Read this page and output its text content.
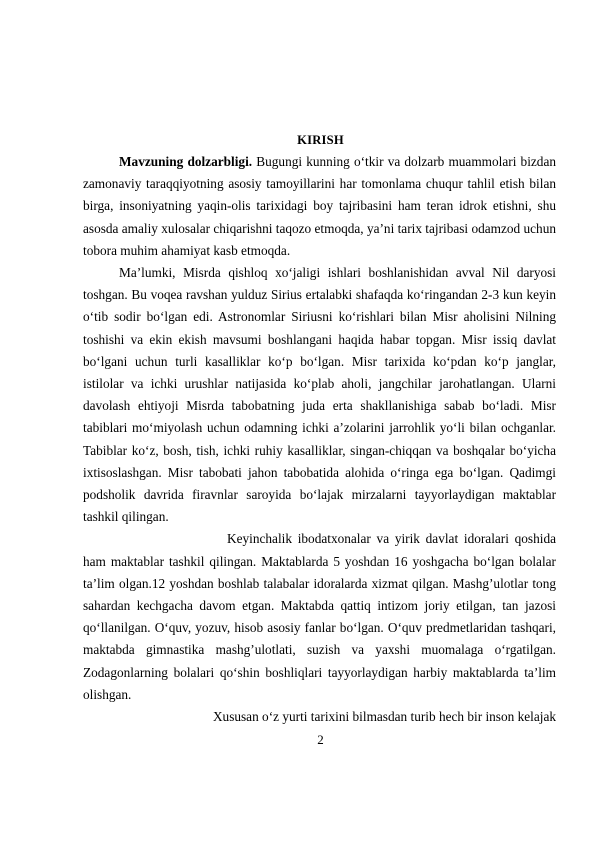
KIRISH

Mavzuning dolzarbligi. Bugungi kunning o‘tkir va dolzarb muammolari bizdan zamonaviy taraqqiyotning asosiy tamoyillarini har tomonlama chuqur tahlil etish bilan birga, insoniyatning yaqin-olis tarixidagi boy tajribasini ham teran idrok etishni, shu asosda amaliy xulosalar chiqarishni taqozo etmoqda, ya’ni tarix tajribasi odamzod uchun tobora muhim ahamiyat kasb etmoqda.

Ma’lumki, Misrda qishloq xo‘jaligi ishlari boshlanishidan avval Nil daryosi toshgan. Bu voqea ravshan yulduz Sirius ertalabki shafaqda ko‘ringandan 2-3 kun keyin o‘tib sodir bo‘lgan edi. Astronomlar Siriusni ko‘rishlari bilan Misr aholisini Nilning toshishi va ekin ekish mavsumi boshlangani haqida habar topgan. Misr issiq davlat bo‘lgani uchun turli kasalliklar ko‘p bo‘lgan. Misr tarixida ko‘pdan ko‘p janglar, istilolar va ichki urushlar natijasida ko‘plab aholi, jangchilar jarohatlangan. Ularni davolash ehtiyoji Misrda tabobatning juda erta shakllanishiga sabab bo‘ladi. Misr tabiblari mo‘miyolash uchun odamning ichki a’zolarini jarrohlik yo‘li bilan ochganlar. Tabiblar ko‘z, bosh, tish, ichki ruhiy kasalliklar, singan-chiqqan va boshqalar bo‘yicha ixtisoslashgan. Misr tabobati jahon tabobatida alohida o‘ringa ega bo‘lgan. Qadimgi podsholik davrida firavnlar saroyida bo‘lajak mirzalarni tayyorlaydigan maktablar tashkil qilingan.

Keyinchalik ibodatxonalar va yirik davlat idoralari qoshida ham maktablar tashkil qilingan. Maktablarda 5 yoshdan 16 yoshgacha bo‘lgan bolalar ta’lim olgan.12 yoshdan boshlab talabalar idoralarda xizmat qilgan. Mashg’ulotlar tong sahardan kechgacha davom etgan. Maktabda qattiq intizom joriy etilgan, tan jazosi qo‘llanilgan. O‘quv, yozuv, hisob asosiy fanlar bo‘lgan. O‘quv predmetlaridan tashqari, maktabda gimnastika mashg’ulotlati, suzish va yaxshi muomalaga o‘rgatilgan. Zodagonlarning bolalari qo‘shin boshliqlari tayyorlaydigan harbiy maktablarda ta’lim olishgan.

Xususan o‘z yurti tarixini bilmasdan turib hech bir inson kelajak

2
